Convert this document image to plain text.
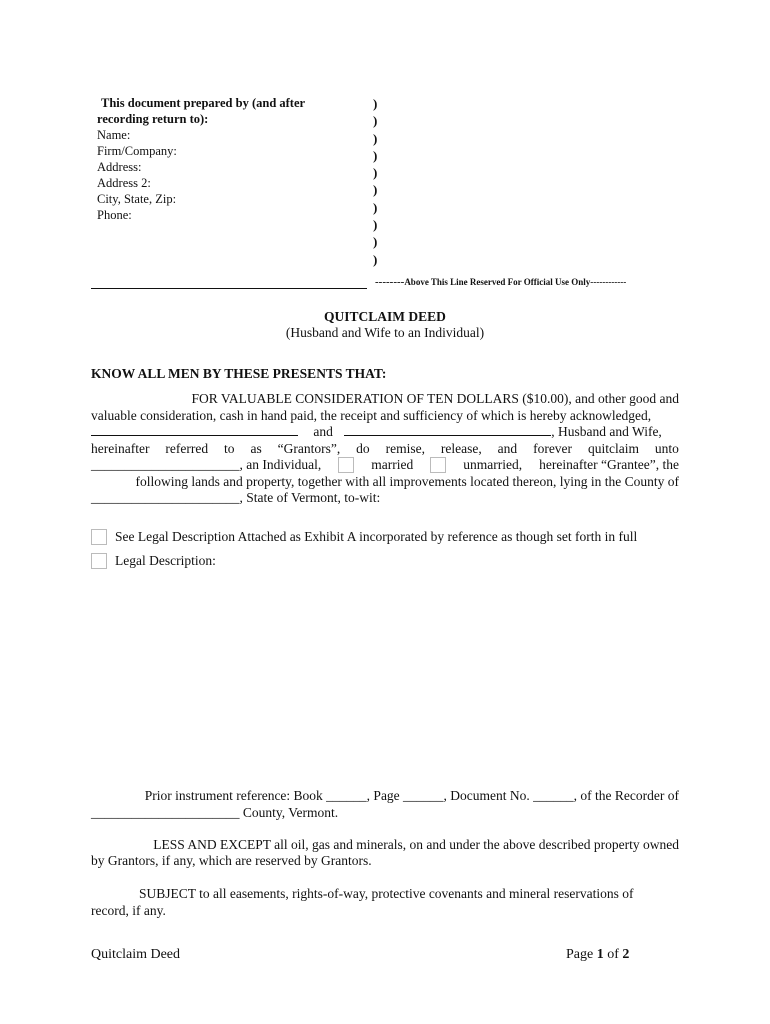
This document prepared by (and after
recording return to):
Name:
Firm/Company:
Address:
Address 2:
City, State, Zip:
Phone:
)
)
)
)
)
)
)
)
)
)
--------Above This Line Reserved For Official Use Only------------
QUITCLAIM DEED
(Husband and Wife to an Individual)
KNOW ALL MEN BY THESE PRESENTS THAT:
FOR VALUABLE CONSIDERATION OF TEN DOLLARS ($10.00), and other good and
valuable consideration, cash in hand paid, the receipt and sufficiency of which is hereby acknowledged,
and	, Husband and Wife,
hereinafter referred to as “Grantors”, do remise, release, and forever quitclaim unto
______________________, an Individual,	married	unmarried, hereinafter “Grantee”, the
following lands and property, together with all improvements located thereon, lying in the County of
______________________, State of Vermont, to-wit:
See Legal Description Attached as Exhibit A incorporated by reference as though set forth in full
Legal Description:
Prior instrument reference: Book ______, Page ______, Document No. ______, of the Recorder of
______________________ County, Vermont.
LESS AND EXCEPT all oil, gas and minerals, on and under the above described property owned
by Grantors, if any, which are reserved by Grantors.
SUBJECT to all easements, rights-of-way, protective covenants and mineral reservations of
record, if any.
Quitclaim Deed	Page 1 of 2
